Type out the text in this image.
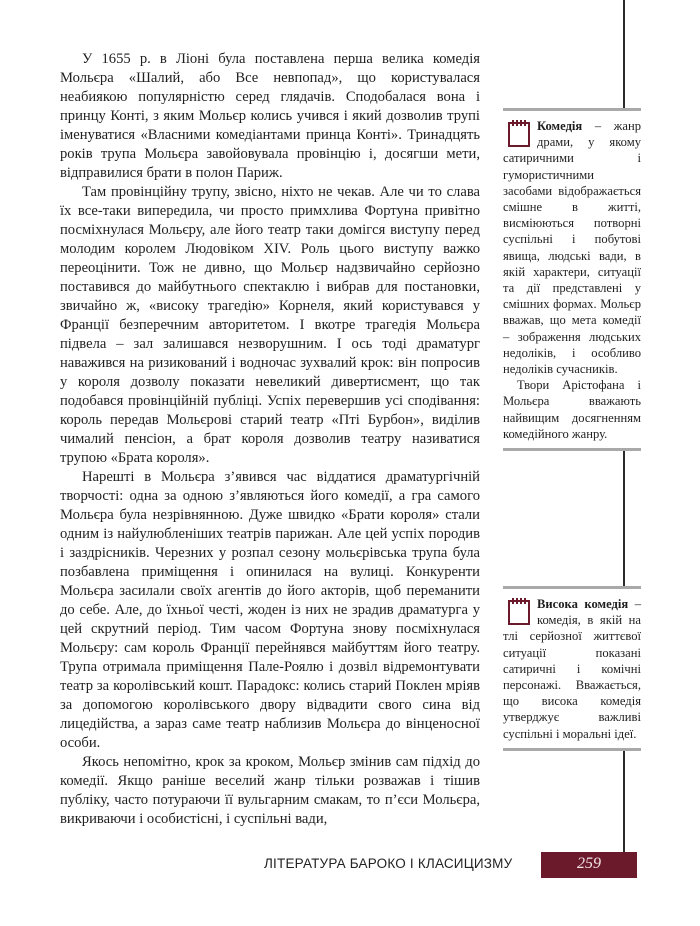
У 1655 р. в Ліоні була поставлена перша велика комедія Мольєра «Шалий, або Все невпопад», що користувалася неабиякою популярністю серед глядачів. Сподобалася вона і принцу Конті, з яким Мольєр колись учився і який дозволив трупі іменуватися «Власними комедіантами принца Конті». Тринадцять років трупа Мольєра завойовувала провінцію і, досягши мети, відправилися брати в полон Париж.

Там провінційну трупу, звісно, ніхто не чекав. Але чи то слава їх все-таки випередила, чи просто примхлива Фортуна привітно посміхнулася Мольєру, але його театр таки домігся виступу перед молодим королем Людовіком XIV. Роль цього виступу важко переоцінити. Тож не дивно, що Мольєр надзвичайно серйозно поставився до майбутнього спектаклю і вибрав для постановки, звичайно ж, «високу трагедію» Корнеля, який користувався у Франції безперечним авторитетом. І вкотре трагедія Мольєра підвела – зал залишався незворушним. І ось тоді драматург наважився на ризикований і водночас зухвалий крок: він попросив у короля дозволу показати невеликий дивертисмент, що так подобався провінційній публіці. Успіх перевершив усі сподівання: король передав Мольєрові старий театр «Пті Бурбон», виділив чималий пенсіон, а брат короля дозволив театру називатися трупою «Брата короля».

Нарешті в Мольєра з’явився час віддатися драматургічній творчості: одна за одною з’являються його комедії, а гра самого Мольєра була незрівнянною. Дуже швидко «Брати короля» стали одним із найулюбленіших театрів парижан. Але цей успіх породив і заздрісників. Черезних у розпал сезону мольєрівська трупа була позбавлена приміщення і опинилася на вулиці. Конкуренти Мольєра засилали своїх агентів до його акторів, щоб переманити до себе. Але, до їхньої честі, жоден із них не зрадив драматурга у цей скрутний період. Тим часом Фортуна знову посміхнулася Мольєру: сам король Франції перейнявся майбуттям його театру. Трупа отримала приміщення Пале-Роялю і дозвіл відремонтувати театр за королівський кошт. Парадокс: колись старий Поклен мріяв за допомогою королівського двору відвадити свого сина від лицедійства, а зараз саме театр наблизив Мольєра до вінценосної особи.

Якось непомітно, крок за кроком, Мольєр змінив сам підхід до комедії. Якщо раніше веселий жанр тільки розважав і тішив публіку, часто потураючи її вульгарним смакам, то п’єси Мольєра, викриваючи і особистісні, і суспільні вади,

Комедія – жанр драми, у якому сатиричними і гумористичними засобами відображається смішне в житті, висміюються потворні суспільні і побутові явища, людські вади, в якій характери, ситуації та дії представлені у смішних формах. Мольєр вважав, що мета комедії – зображення людських недоліків, і особливо недоліків сучасників.

Твори Арістофана і Мольєра вважають найвищим досягненням комедійного жанру.

Висока комедія – комедія, в якій на тлі серйозної життєвої ситуації показані сатиричні і комічні персонажі. Вважається, що висока комедія утверджує важливі суспільні і моральні ідеї.

ЛІТЕРАТУРА БАРОКО І КЛАСИЦИЗМУ	259
